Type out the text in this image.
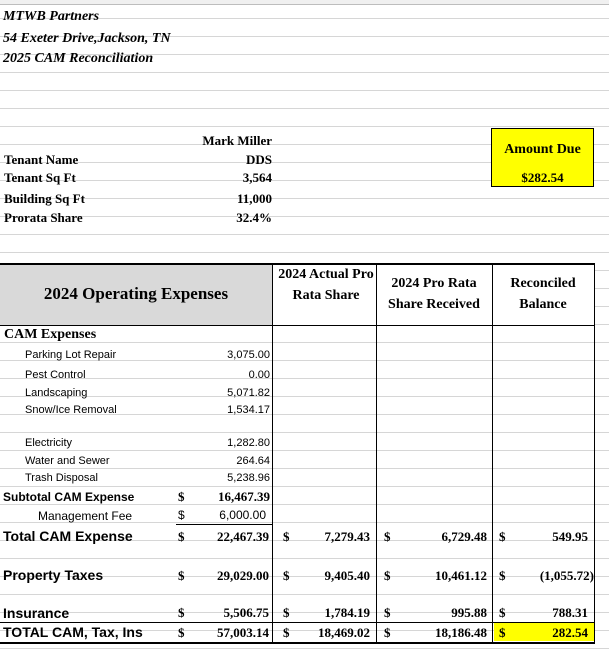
MTWB Partners
54 Exeter Drive,Jackson, TN
2025 CAM Reconciliation
Mark Miller
Tenant Name	DDS
Tenant Sq Ft	3,564
Building Sq Ft	11,000
Prorata Share	32.4%
Amount Due
$282.54
2024 Operating Expenses
2024 Actual Pro Rata Share
2024 Pro Rata Share Received
Reconciled Balance
CAM Expenses
Parking Lot Repair	3,075.00
Pest Control	0.00
Landscaping	5,071.82
Snow/Ice Removal	1,534.17
Electricity	1,282.80
Water and Sewer	264.64
Trash Disposal	5,238.96
Subtotal CAM Expense	$	16,467.39
Management Fee	$	6,000.00
Total CAM Expense	$	22,467.39 $	7,279.43 $	6,729.48 $	549.95
Property Taxes	$	29,029.00 $	9,405.40 $	10,461.12 $	(1,055.72)
Insurance	$	5,506.75 $	1,784.19 $	995.88 $	788.31
TOTAL CAM, Tax, Ins	$	57,003.14 $	18,469.02 $	18,186.48 $	282.54
